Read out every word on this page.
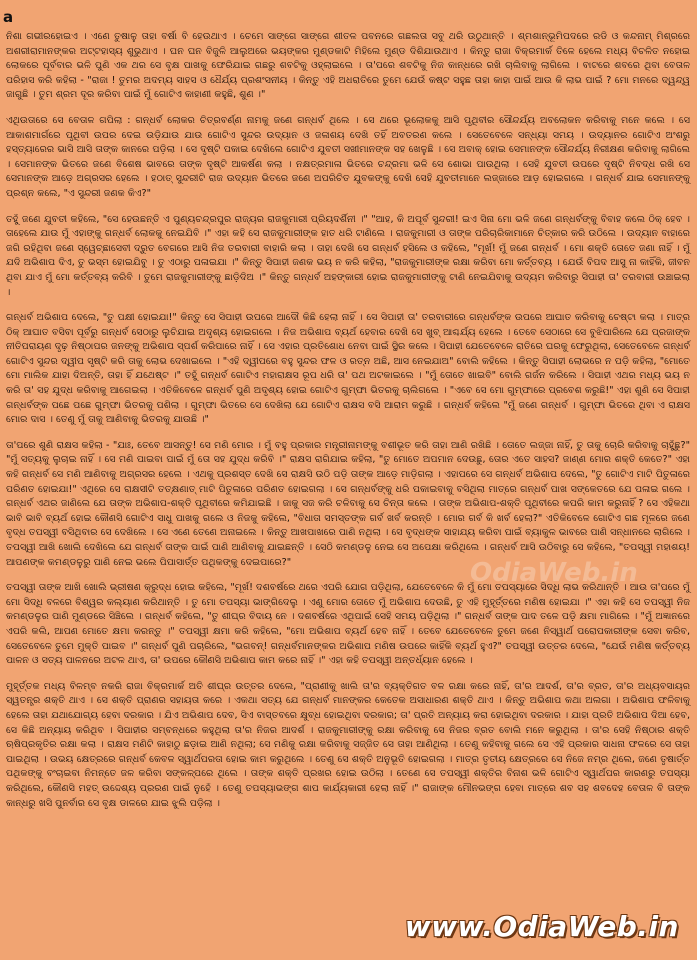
a

ନିଶା ଗଭୀରହୋଇଏ । ଏଣେ ତୁଷାଳୁ ତାହା ବର୍ଷା ବି ହେଉଥାଏ । ଚେମେ ସାଙ୍ଗେ ସାଙ୍ଗେ ଶୀତଳ ପବନରେ ଗଛଲତା ସବୁ ଥରି ଉଠୁଥାନ୍ତି । ଶ୍ମଶାନ୍ଭୂମିପଦରେ ରଡି ଓ କନ୍ଦନାମ୍ ମିଶ୍ରରେ ଅଶରୀରାମାନଙ୍କର ଅଟ୍ଟହାସ୍ୟ ଶୁଭୁଥାଏ । ଘନ ଘନ ବିଜୁଳି ଆଲୁଅରେ ଭୟଙ୍କର ମୁଣ୍ଡକାଟି ମିହିଲେ ମୁଣ୍ଡ ଦିଶିଯାଉଥାଏ । କିନ୍ତୁ ରାଜା ବିକ୍ରମାର୍କ ତିଳେ ହେଲେ ମଧ୍ୟ ବିଚଳିତ ନହୋଇ ଲୋକରେ ପୂର୍ବବାର ଭଳି ପୁଣି ଏକ ଥର ସେ ବୃକ୍ଷ ପାଖକୁ ଫେରିଯାଇ ଗଛରୁ ଶବଟିକୁ ଓହ୍ଲାଇଲେ । ତା'ପରେ ଶବଟିକୁ ନିଜ କାନ୍ଧରେ ରଖି ଚାଲିବାକୁ ଲାଗିଲେ । ବାଟରେ ଶବରେ ଥିବା ବେତାଳ ପରିହାସ କରି କହିଲା - "ରାଜା ! ତୁମର ଅଦମ୍ୟ ସାହସ ଓ ଧୈର୍ଯ୍ୟ ପ୍ରଶଂସନୀୟ । କିନ୍ତୁ ଏହି ଅଧରାତିରେ ତୁମେ ଯେଉଁ କଷ୍ଟ ସହୁଛ ତାହା କାହା ପାଇଁ ଆଉ କି ଲାଭ ପାଇଁ ? ମୋ ମନରେ ଦ୍ୱନ୍ଦ୍ୱ ଜାଗୁଛି । ତୁମ ଶ୍ରମ ଦୂର କରିବା ପାଇଁ ମୁଁ ଗୋଟିଏ କାହାଣୀ କହୁଛି, ଶୁଣ ।"

ଏଥିଉତାରେ ସେ ବେତାଳ ଗପିଲା : ଗନ୍ଧର୍ବ ଲୋକର ଚିତ୍ରବର୍ଣ୍ଣ ନାମକୁ ଜଣେ ଗନ୍ଧର୍ବ ଥିଲେ । ସେ ଥରେ ଭୂଲୋକକୁ ଆସି ପୃଥିବୀର ସୌନ୍ଦର୍ଯ୍ୟ ଅବଲୋକନ କରିବାକୁ ମନେ କଲେ । ସେ ଆକାଶମାର୍ଗରେ ପୃଥିବୀ ଉପର ଦେଇ ଉଡ଼ିଯାଉ ଯାଉ ଗୋଟିଏ ସୁନ୍ଦର ଉଦ୍ୟାନ ଓ ଜଳାଶୟ ଦେଖି ତହିଁ ଅବତରଣ କଲେ । ସେତେବେଳେ ସନ୍ଧ୍ୟା ସମୟ । ଉଦ୍ୟାନର ଗୋଟିଏ ଅଂଶରୁ ହସ୍ତ୍ୟାରେର ଭାସି ଆସି ତାଙ୍କ କାନରେ ପଡ଼ିଲା । ସେ ଦୃଷ୍ଟି ପକାଇ ଦେଖିଲେ ଗୋଟିଏ ଯୁବତୀ ସଖୀମାନଙ୍କ ସହ ଖେଳୁଛି । ସେ ଅବାକ୍ ହୋଇ ସେମାନଙ୍କ ସୌନ୍ଦର୍ଯ୍ୟ ନିରୀକ୍ଷଣ କରିବାକୁ ଲାଗିଲେ । ସେମାନଙ୍କ ଭିତରେ ଜଣେ ବିଶେଷ ଭାବରେ ତାଙ୍କ ଦୃଷ୍ଟି ଆକର୍ଷଣ କଲା । ନକ୍ଷତ୍ରମାଳା ଭିତରେ ଚନ୍ଦ୍ରମା ଭଳି ସେ ଶୋଭା ପାଉଥିଲା । ସେହି ଯୁବତୀ ଉପରେ ଦୃଷ୍ଟି ନିବଦ୍ଧ ରଖି ସେ ସେମାନଙ୍କ ଆଡ଼େ ଅଗ୍ରସର ହେଲେ । ହଠାତ୍ ସୁନ୍ଦରୀଟି ରାଜ ଉଦ୍ୟାନ ଭିତରେ ଜଣେ ଅପରିଚିତ ଯୁବକଙ୍କୁ ଦେଖି ସେହି ଯୁବତୀମାନେ ଲଜ୍ଜାରେ ଆଡ଼ ହୋଇଗଲେ । ଗନ୍ଧର୍ବ ଯାଇ ସେମାନଙ୍କୁ ପ୍ରଶ୍ନ କଲେ, "ଏ ସୁନ୍ଦରୀ ଜଣକ କିଏ?"

ତହୁଁ ଜଣେ ଯୁବତୀ କହିଲେ, "ସେ ହେଉଛନ୍ତି ଏ ପୁଣ୍ୟଚନ୍ଦ୍ରପୁର ରାଜ୍ୟର ରାଜକୁମାରୀ ପ୍ରିୟଦର୍ଶିନୀ ।" "ଆହ, କି ଅପୂର୍ବ ସୁନ୍ଦରୀ! ଇଏ ସିନା ମୋ ଭଳି ଜଣେ ଗନ୍ଧର୍ବଙ୍କୁ ବିବାହ କଲେ ଠିକ୍ ହେବ । ତାହେଲେ ଯାଉ ମୁଁ ଏହାଙ୍କୁ ଗନ୍ଧର୍ବ ଲୋକକୁ ନେଇଯିବି ।" ଏହା କହି ସେ ରାଜକୁମାରୀଙ୍କ ହାତ ଧରି ଟାଣିଲେ । ରାଜକୁମାରୀ ଓ ତାଙ୍କ ପରିଚାରିକାମାନେ ଚିତ୍କାର କରି ଉଠିଲେ । ଉଦ୍ୟାନ ବାହାରେ ଜଗି ରହିଥିବା ଜଣେ ସ୍ୱେଚ୍ଛାସେବୀ ଦ୍ରୁତ ବେଗରେ ଆସି ନିଜ ତରବାରୀ ବାହାରି କଲା । ତାହା ଦେଖି ସେ ଗନ୍ଧର୍ବ ହସିଲେ ଓ କହିଲେ, "ମୂର୍ଖ! ମୁଁ ଜଣେ ଗନ୍ଧର୍ବ । ମୋ ଶକ୍ତି ତୋତେ ଜଣା ନାହିଁ । ମୁଁ ଯଦି ଅଭିଶାପ ଦିଏ, ତୁ ଭସ୍ମ ହୋଇଯିବୁ । ତୁ ଏଠାରୁ ପଳାଇଯା ।" କିନ୍ତୁ ସିପାହୀ ଜଣକ ଭୟ ନ କରି କହିଲା, "ରାଜକୁମାରୀଙ୍କ ରକ୍ଷା କରିବା ମୋ କର୍ତ୍ତବ୍ୟ । ଯେଉଁ ବିପଦ ଆସୁ ନା କାହିଁକି, ଜୀବନ ଥିବା ଯାଏ ମୁଁ ମୋ କର୍ତ୍ତବ୍ୟ କରିବି । ତୁମେ ରାଜକୁମାରୀଙ୍କୁ ଛାଡ଼ିଦିଅ ।" କିନ୍ତୁ ଗନ୍ଧର୍ବ ଅହଙ୍କାରୀ ହୋଇ ରାଜକୁମାରୀଙ୍କୁ ଟାଣି ନେଇଯିବାକୁ ଉଦ୍ୟମ କରିବାରୁ ସିପାହୀ ତା' ତରବାରୀ ଉଞ୍ଚାଇଲା ।

ଗନ୍ଧର୍ବ ଅଭିଶାପ ଦେଲେ, "ତୁ ପକ୍ଷୀ ହୋଇଯା!" କିନ୍ତୁ ସେ ସିପାହୀ ଉପରେ ଆଦୌ କିଛି ହେଲା ନାହିଁ । ସେ ସିପାହୀ ତା' ତରବାରୀରେ ଗନ୍ଧର୍ବଙ୍କ ଉପରେ ଆଘାତ କରିବାକୁ ଚେଷ୍ଟା କଲା । ମାତ୍ର ଠିକ୍ ଆଘାତ ବସିବା ପୂର୍ବରୁ ଗନ୍ଧର୍ବ ସେଠାରୁ ଲୁଚିଯାଇ ଅଦୃଶ୍ୟ ହୋଇଗଲେ । ନିଜ ଅଭିଶାପ ବ୍ୟର୍ଥ ହେବାର ଦେଖି ସେ ଖୁବ୍ ଆଶ୍ଚର୍ଯ୍ୟ ହେଲେ । ତେବେ ସେଠାରେ ସେ ବୁଝିପାରିଲେ ଯେ ପ୍ରଜାଙ୍କ ନୀତିପରାୟଣ ଦୃଢ଼ ନିଷ୍ଠାପର ଜନଙ୍କୁ ଅଭିଶାପ ସ୍ପର୍ଶ କରିପାରେ ନାହିଁ । ସେ ଏହାର ପ୍ରତିଶୋଧ ନେବା ପାଇଁ ସ୍ଥିର କଲେ । ସିପାହୀ ଯେତେବେଳେ ରାତିରେ ଘରକୁ ଫେରୁଥିଲା, ସେତେବେଳେ ଗନ୍ଧର୍ବ ଗୋଟିଏ ସୁନ୍ଦର ଦ୍ୱୀପ ସୃଷ୍ଟି କରି ତାକୁ ଲୋଭ ଦେଖାଇଲେ । "ଏହି ଦ୍ୱୀପରେ ବହୁ ସୁନ୍ଦର ଫଳ ଓ ରତ୍ନ ଅଛି, ଆସ ନେଇଯାଅ" ବୋଲି କହିଲେ । କିନ୍ତୁ ସିପାହୀ ଲୋଭରେ ନ ପଡ଼ି କହିଲା, "ମୋତେ ମୋ ମାଲିକ ଯାହା ଦିଅନ୍ତି, ତାହା ହିଁ ଯଥେଷ୍ଟ ।" ତହୁଁ ଗନ୍ଧର୍ବ ଗୋଟିଏ ମହାରାକ୍ଷସ ରୂପ ଧରି ତା' ପଥ ଅଟକାଇଲେ । "ମୁଁ ତୋତେ ଖାଇବି" ବୋଲି ଗର୍ଜନ କରିଲେ । ସିପାହୀ ଏଥର ମଧ୍ୟ ଭୟ ନ କରି ତା' ସହ ଯୁଦ୍ଧ କରିବାକୁ ଆଗେଇଲା । ଏତିକିବେଳେ ଗନ୍ଧର୍ବ ପୁଣି ଅଦୃଶ୍ୟ ହୋଇ ଗୋଟିଏ ଗୁମ୍ଫା ଭିତରକୁ ଚାଲିଗଲେ । "ଏବେ ସେ ମୋ ଗୁମ୍ଫାରେ ପ୍ରବେଶ କରୁଛି!" ଏହା ଶୁଣି ସେ ସିପାହୀ ଗନ୍ଧର୍ବଙ୍କ ପଛେ ପଛେ ଗୁମ୍ଫା ଭିତରକୁ ପଶିଲା । ଗୁମ୍ଫା ଭିତରେ ସେ ଦେଖିଲା ଯେ ଗୋଟିଏ ରାକ୍ଷସ ବସି ଆରାମ କରୁଛି । ଗନ୍ଧର୍ବ କହିଲେ "ମୁଁ ଜଣେ ଗନ୍ଧର୍ବ । ଗୁମ୍ଫା ଭିତରେ ଥିବା ଏ ରାକ୍ଷସ ମୋର ଦାସ । ତେଣୁ ମୁଁ ତାକୁ ଆଣିବାକୁ ଭିତରକୁ ଯାଉଛି ।"

ତା'ପରେ ଶୁଣି ରାକ୍ଷସ କହିଲା - "ଯାଃ, ତେବେ ଆସନ୍ତୁ! ସେ ମଣି ମୋର । ମୁଁ ବହୁ ପ୍ରକାର ମନ୍ତ୍ରୀନାମଙ୍କୁ ବଶୀଭୂତ କରି ତାହା ଆଣି ରଖିଛି । ତୋତେ ଲଜ୍ଜା ନାହିଁ, ତୁ ତାକୁ ଚୋରି କରିବାକୁ ଚାହୁଁଛୁ?" "ମୁଁ ସତ୍ୟକୁ ଲୁଚାଇ ନାହିଁ । ସେ ମଣି ପାଇବା ପାଇଁ ମୁଁ ତୋ ସହ ଯୁଦ୍ଧ କରିବି ।" ରାକ୍ଷସ ରାଗିଯାଇ କହିଲା, "ତୁ ମୋତେ ଅପମାନ ଦେଉଛୁ, ତୋର ଏତେ ସାହସ? ଜାଣ୍ଣ ମୋର ଶକ୍ତି କେତେ?" ଏହା କହି ଗନ୍ଧର୍ବ ସେ ମଣି ଆଣିବାକୁ ଅଗ୍ରସର ହେଲେ । ଏଥକୁ ପ୍ରଶସ୍ତ ଦେଖି ସେ ରାକ୍ଷସି ଉଠି ପଡ଼ି ତାଙ୍କ ଆଡ଼େ ମାଡ଼ିଗଲା । ଏହାପରେ ସେ ଗନ୍ଧର୍ବ ଅଭିଶାପ ଦେଲେ, "ତୁ ଗୋଟିଏ ମାଟି ପିତୁଳାରେ ପରିଣତ ହୋଇଯା!" ଏଥିରେ ସେ ରାକ୍ଷସୀଟି ତତ୍କ୍ଷଣାତ୍ ମାଟି ପିତୁଳାରେ ପରିଣତ ହୋଇଗଲା । ସେ ଗନ୍ଧର୍ବଙ୍କୁ ଧରି ପକାଇବାକୁ ବସିଥିଲା ମାତ୍ରେ ଗନ୍ଧର୍ବ ପାଖ ସଙ୍କେତରେ ଯେ ପଳାଇ ଗଲେ । ଗନ୍ଧର୍ବ ଏଥର ଜାଣିଲେ ଯେ ତାଙ୍କ ଅଭିଶାପ-ଶକ୍ତି ପୃଥିବୀରେ କମିଯାଇଛି । ଜାକୁ ସଜ କରି ଚଳିବାକୁ ସେ ଚିନ୍ତା କଲେ । ତାଙ୍କ ଅଭିଶାପ-ଶକ୍ତି ପୃଥିବୀରେ କପରି କାମ କରୁନାହିଁ ? ସେ ଏହିକଥା ଭାବି ଭାବି ବ୍ୟର୍ଥ ହୋଇ କୌଣସି ଗୋଟିଏ ସାଧୁ ପାଖକୁ ଗଲେ ଓ ନିଜକୁ କହିଲେ, "ବିଧାତା ସମସ୍ତଙ୍କ ଗର୍ବ ଖର୍ବ କରନ୍ତି । ମୋର ଗର୍ବ କି ଖର୍ବ ହେଲା?" ଏତିକିବେଳେ ଗୋଟିଏ ଗଛ ମୂଳରେ ଜଣେ ବୃଦ୍ଧ ତପସ୍ୱୀ ବସିଥିବାର ସେ ଦେଖିଲେ । ସେ ଏଣେ ତେଣେ ଅନାଇଲେ । କିନ୍ତୁ ଆଖପାଖରେ ପାଣି ନଥିଲା । ସେ ବୃଦ୍ଧଙ୍କ ସାହାଯ୍ୟ କରିବା ପାଇଁ ବ୍ୟାକୁଳ ଭାବରେ ପାଣି ସନ୍ଧାନରେ ଲାଗିଲେ । ତପସ୍ୱୀ ଆଖି ଖୋଲି ଦେଖିଲେ ଯେ ଗନ୍ଧର୍ବ ତାଙ୍କ ପାଇଁ ପାଣି ଆଣିବାକୁ ଯାଇଛନ୍ତି । ସେଠି କମଣ୍ଡଳୁ ନେଇ ସେ ଅପେକ୍ଷା କରିଥିଲେ । ଗନ୍ଧର୍ବ ଆସି ଉଠିବାରୁ ସେ କହିଲେ, "ତପସ୍ୱୀ ମହାଶୟ! ଆପଣଙ୍କ କମଣ୍ଡଳୁରୁ ପାଣି ନେଇ ଭଲେ ପିପାସାର୍ତ୍ତ ପଥିକଙ୍କୁ ଦେଇପାରେ?"

ତପସ୍ୱୀ ତାଙ୍କ ଆଖି ଖୋଲି ଭ୍ରୀଷଣ କ୍ରୁଦ୍ଧ ହୋଇ କହିଲେ, "ମୂର୍ଖ! ଦଶବର୍ଷରେ ଥରେ ଏପରି ଯୋଗ ପଡ଼ିଥିଲା, ଯେତେବେଳେ କି ମୁଁ ମୋ ତପସ୍ୟାରେ ସିଦ୍ଧି ଲାଭ କରିଥାନ୍ତି । ଆଉ ତା'ପରେ ମୁଁ ମୋ ସିଦ୍ଧି ବଳରେ ବିଶ୍ୱର କଲ୍ୟାଣ କରିଥାନ୍ତି । ତୁ ମୋ ତପସ୍ୟା ଭାଙ୍ଗିଦେଲୁ । ଏଣୁ ମୋର ତୋତେ ମୁଁ ଅଭିଶାପ ଦେଉଛି, ତୁ ଏହି ମୁହୂର୍ତ୍ତରେ ମଣିଷ ହୋଇଯା ।" ଏହା କହି ସେ ତପସ୍ୱୀ ନିଜ କମଣ୍ଡଳୁର ପାଣି ମୁଣ୍ଡରେ ସିଞ୍ଚିଲେ । ଗନ୍ଧର୍ବ କହିଲେ, "ତୁ ଶୀଘ୍ର ବିଦାୟ ନେ । ଦଶବର୍ଷରେ ଏଥିପାଇଁ ସେହି ସମୟ ପଡ଼ିଥିଲା ।" ଗନ୍ଧର୍ବ ତାଙ୍କ ପାଦ ତଳେ ପଡ଼ି କ୍ଷମା ମାଗିଲେ । "ମୁଁ ଅଜ୍ଞାନରେ ଏପରି କଲି, ଆପଣ ମୋତେ କ୍ଷମା କରନ୍ତୁ ।" ତପସ୍ୱୀ କ୍ଷମା କରି କହିଲେ, "ମୋ ଅଭିଶାପ ବ୍ୟର୍ଥ ହେବ ନାହିଁ । ତେବେ ଯେତେବେଳେ ତୁମେ ଜଣେ ନିସ୍ୱାର୍ଥ ପରୋପକାରୀଙ୍କ ସେବା କରିବ, ସେତେବେଳେ ତୁମେ ମୁକ୍ତି ପାଇବ ।" ଗନ୍ଧର୍ବ ପୁଣି ପଚାରିଲେ, "ଭଗବନ୍! ଗନ୍ଧର୍ବମାନଙ୍କର ଅଭିଶାପ ମଣିଷ ଉପରେ କାହିଁକି ବ୍ୟର୍ଥ ହୁଏ?" ତପସ୍ୱୀ ଉତ୍ତର ଦେଲେ, "ଯେଉଁ ମଣିଷ କର୍ତ୍ତବ୍ୟ ପାଳନ ଓ ସତ୍ୟ ପାଳନରେ ଅଟଳ ଥାଏ, ତା' ଉପରେ କୌଣସି ଅଭିଶାପ କାମ କରେ ନାହିଁ ।" ଏହା କହି ତପସ୍ୱୀ ଅନ୍ତର୍ଧ୍ୟାନ ହେଲେ ।

ମୁହୂର୍ତ୍ତକ ମଧ୍ୟ ବିଳମ୍ବ ନକରି ରାଜା ବିକ୍ରମାର୍କ ଅତି ଶୀଘ୍ର ଉତ୍ତର ଦେଲେ, "ପ୍ରାଣୀକୁ ଖାଲି ତା'ର ବ୍ୟକ୍ତିଗତ ବଳ ରକ୍ଷା କରେ ନାହିଁ, ତା'ର ଆଦର୍ଶ, ତା'ର ବ୍ରତ, ତା'ର ଅଧ୍ୟବସାୟର ସ୍ୱତନ୍ତ୍ର ଶକ୍ତି ଥାଏ । ସେ ଶକ୍ତି ପ୍ରାଣର ସହାୟତା କରେ । ଏକଥା ସତ୍ୟ ଯେ ଗନ୍ଧର୍ବ ମାନଙ୍କର କେତେକ ଅସାଧାରଣ ଶକ୍ତି ଥାଏ । କିନ୍ତୁ ଅଭିଶାପ କଥା ଅଲଗା । ଅଭିଶାପ ଫଳିବାକୁ ହେଲେ ତାହା ଯଥାଯୋଗ୍ୟ ହେବା ଦରକାର । ଯିଏ ଅଭିଶାପ ଦେବ, ସିଏ ବାସ୍ତବରେ କ୍ଷୁବ୍ଧ ହୋଇଥିବା ଦରକାର; ତା' ପ୍ରତି ଅନ୍ୟାୟ କରା ହୋଇଥିବା ଦରକାର । ଯାହା ପ୍ରତି ଅଭିଶାପ ଦିଆ ହେବ, ସେ କିଛି ଅନ୍ୟାୟ କରିଥିବ । ସିପାହୀର ସମ୍ବନ୍ଧରେ କହୁଥିଲା ତା'ର ନିଜର ଆଦର୍ଶ । ରାଜକୁମାରୀଙ୍କୁ ରକ୍ଷା କରିବାକୁ ସେ ନିଜର ବ୍ରତ ବୋଲି ମନେ କରୁଥିଲା । ତା'ର ସେହି ନିଷ୍ଠାର ଶକ୍ତି ଋଷିପ୍ରକୃତିର ରକ୍ଷା କଲା । ରାକ୍ଷସ ମଣିଟି କାହାଠୁ ଛଡ଼ାଇ ଆଣି ନଥିଲା; ସେ ମଣିକୁ ରକ୍ଷା କରିବାକୁ ସଜ୍ଜିତ ସେ ତାହା ଆଣିଥିଲା । ତେଣୁ କହିବାକୁ ଗଲେ ସେ ଏହି ପ୍ରକାର ସାଧନା ଫଳରେ ସେ ତାହା ପାଇଥିଲା । ଉଭୟ କ୍ଷେତ୍ରରେ ଗନ୍ଧର୍ବ କେବଳ ସ୍ୱାର୍ଥପରତା ହୋଇ କାମ କରୁଥିଲେ । ତେଣୁ ସେ ଶକ୍ତି ଅନୁଭୂତି ହୋଇଗଲା । ମାତ୍ର ତୃତୀୟ କ୍ଷେତ୍ରରେ ସେ ନିଜେ ନମ୍ର ଥିଲେ, ଜଣେ ତୃଷାର୍ତ୍ତ ପଥିକଙ୍କୁ ବଂଚାଇବା ନିମନ୍ତେ ଜଳ କରିବା ସଙ୍କଳ୍ପରେ ଥିଲେ । ତାଙ୍କ ଶକ୍ତି ପ୍ରଖର ହୋଇ ଉଠିଲା । ତେଣେ ସେ ତପସ୍ୱୀ ଶକ୍ତିର ବିନାଶ ଭଳି ଗୋଟିଏ ସ୍ୱାର୍ଥପର କାରଣରୁ ତପସ୍ୟା କରିଥିଲେ, କୌଣସି ମହତ୍ ଉଦ୍ଦେଶ୍ୟ ପ୍ରରଣ ପାଇଁ ନୁହେଁ । ତେଣୁ ତପସ୍ୟାଭଙ୍ଗ ଶାପ କାର୍ଯ୍ୟକାରୀ ହେଲା ନାହିଁ ।" ରାଜାଙ୍କ ମୌନଭଙ୍ଗ ହେବା ମାତ୍ରେ ଶବ ସହ ଶବଦେହ ବେତାଳ ବି ତାଙ୍କ କାନ୍ଧରୁ ଖସି ପୁନର୍ବାର ସେ ବୃକ୍ଷ ଡାଳରେ ଯାଇ ଝୁଲି ପଡ଼ିଲା ।

OdiaWeb.in
www.OdiaWeb.in
